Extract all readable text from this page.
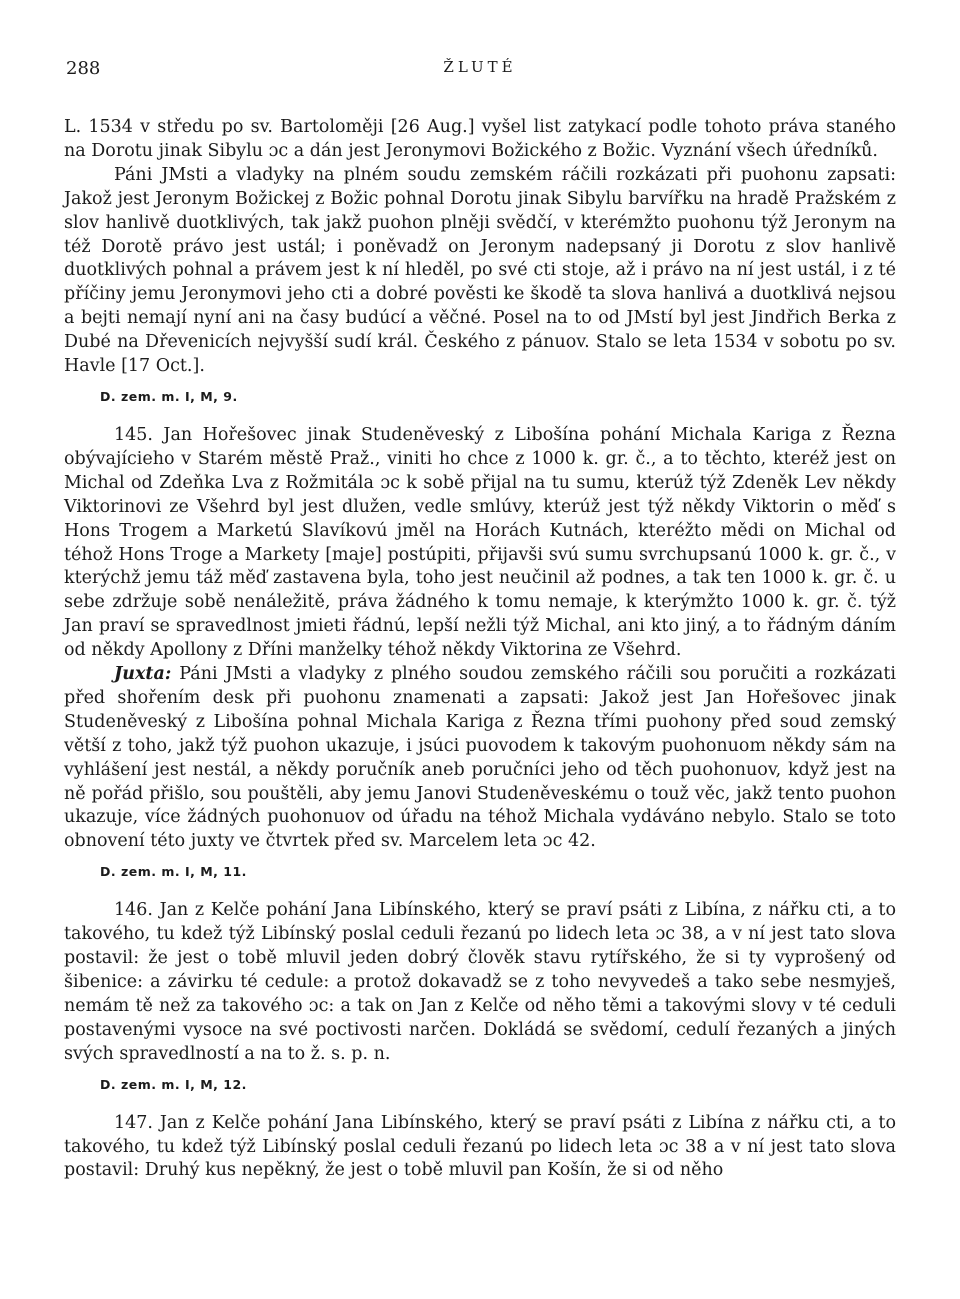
288	ŽLUTÉ

L. 1534 v středu po sv. Bartoloměji [26 Aug.] vyšel list zatykací podle tohoto práva staného na Dorotu jinak Sibylu ɔc a dán jest Jeronymovi Božického z Božic. Vyznání všech úředníků.

Páni JMsti a vladyky na plném soudu zemském ráčili rozkázati při puohonu zapsati: Jakož jest Jeronym Božickej z Božic pohnal Dorotu jinak Sibylu barvířku na hradě Pražském z slov hanlivě duotklivých, tak jakž puohon plněji svědčí, v kterémžto puohonu týž Jeronym na též Dorotě právo jest ustál; i poněvadž on Jeronym nadepsaný ji Dorotu z slov hanlivě duotklivých pohnal a právem jest k ní hleděl, po své cti stoje, až i právo na ní jest ustál, i z té příčiny jemu Jeronymovi jeho cti a dobré pověsti ke škodě ta slova hanlivá a duotklivá nejsou a bejti nemají nyní ani na časy budúcí a věčné. Posel na to od JMstí byl jest Jindřich Berka z Dubé na Dřevenicích nejvyšší sudí král. Českého z pánuov. Stalo se leta 1534 v sobotu po sv. Havle [17 Oct.].

D. zem. m. I, M, 9.

145. Jan Hořešovec jinak Studeněveský z Libošína pohání Michala Kariga z Řezna obývajícieho v Starém městě Praž., viniti ho chce z 1000 k. gr. č., a to těchto, kteréž jest on Michal od Zdeňka Lva z Rožmitála ɔc k sobě přijal na tu sumu, kterúž týž Zdeněk Lev někdy Viktorinovi ze Všehrd byl jest dlužen, vedle smlúvy, kterúž jest týž někdy Viktorin o měď s Hons Trogem a Marketú Slavíkovú jměl na Horách Kutnách, kteréžto mědi on Michal od téhož Hons Troge a Markety [maje] postúpiti, přijavši svú sumu svrchupsanú 1000 k. gr. č., v kterýchž jemu táž měď zastavena byla, toho jest neučinil až podnes, a tak ten 1000 k. gr. č. u sebe zdržuje sobě nenáležitě, práva žádného k tomu nemaje, k kterýmžto 1000 k. gr. č. týž Jan praví se spravedlnost jmieti řádnú, lepší nežli týž Michal, ani kto jiný, a to řádným dáním od někdy Apollony z Dříni manželky téhož někdy Viktorina ze Všehrd.

Juxta: Páni JMsti a vladyky z plného soudou zemského ráčili sou poručiti a rozkázati před shořením desk při puohonu znamenati a zapsati: Jakož jest Jan Hořešovec jinak Studeněveský z Libošína pohnal Michala Kariga z Řezna třími puohony před soud zemský větší z toho, jakž týž puohon ukazuje, i jsúci puovodem k takovým puohonuom někdy sám na vyhlášení jest nestál, a někdy poručník aneb poručníci jeho od těch puohonuov, když jest na ně pořád přišlo, sou pouštěli, aby jemu Janovi Studeněveskému o touž věc, jakž tento puohon ukazuje, více žádných puohonuov od úřadu na téhož Michala vydáváno nebylo. Stalo se toto obnovení této juxty ve čtvrtek před sv. Marcelem leta ɔc 42.

D. zem. m. I, M, 11.

146. Jan z Kelče pohání Jana Libínského, který se praví psáti z Libína, z nářku cti, a to takového, tu kdež týž Libínský poslal ceduli řezanú po lidech leta ɔc 38, a v ní jest tato slova postavil: že jest o tobě mluvil jeden dobrý člověk stavu rytířského, že si ty vyprošený od šibenice: a závirku té cedule: a protož dokavadž se z toho nevyvedeš a tako sebe nesmyješ, nemám tě než za takového ɔc: a tak on Jan z Kelče od něho těmi a takovými slovy v té ceduli postavenými vysoce na své poctivosti narčen. Dokládá se svědomí, cedulí řezaných a jiných svých spravedlností a na to ž. s. p. n.

D. zem. m. I, M, 12.

147. Jan z Kelče pohání Jana Libínského, který se praví psáti z Libína z nářku cti, a to takového, tu kdež týž Libínský poslal ceduli řezanú po lidech leta ɔc 38 a v ní jest tato slova postavil: Druhý kus nepěkný, že jest o tobě mluvil pan Košín, že si od něho
